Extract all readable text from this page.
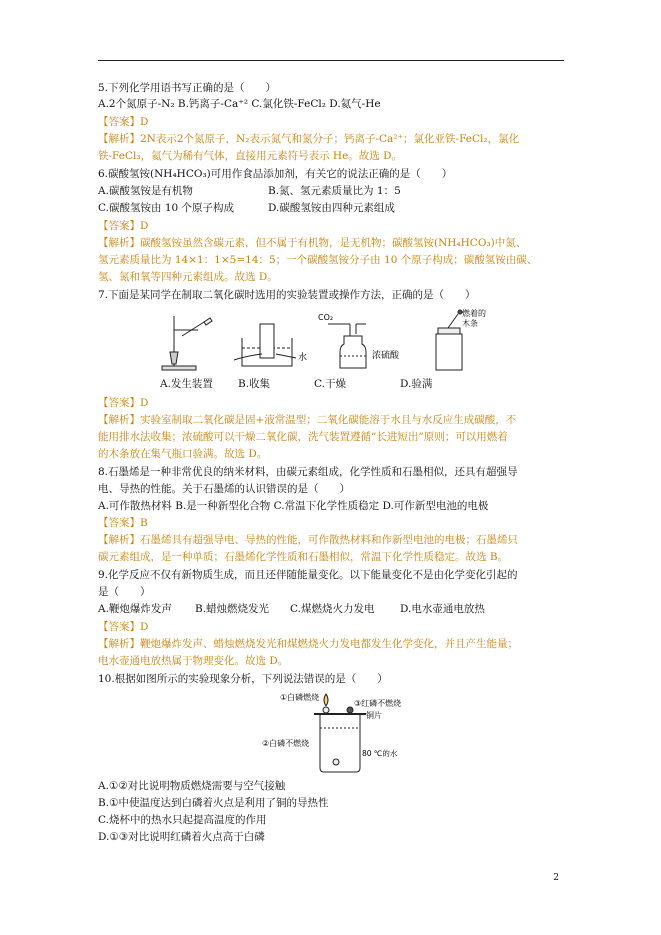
5.下列化学用语书写正确的是（　　）
A.2个氮原子-N₂ B.钙离子-Ca⁺² C.氯化铁-FeCl₂ D.氦气-He
【答案】D
【解析】2N表示2个氮原子，N₂表示氮气和氮分子；钙离子-Ca²⁺；氯化亚铁-FeCl₂，氯化
铁-FeCl₃，氦气为稀有气体，直接用元素符号表示 He。故选 D。
6.碳酸氢铵(NH₄HCO₃)可用作食品添加剂，有关它的说法正确的是（　　）
A.碳酸氢铵是有机物	B.氮、氢元素质量比为 1：5
C.碳酸氢铵由 10 个原子构成	D.碳酸氢铵由四种元素组成
【答案】D
【解析】碳酸氢铵虽然含碳元素，但不属于有机物，是无机物；碳酸氢铵(NH₄HCO₃)中氮、
氢元素质量比为 14×1：1×5=14：5；一个碳酸氢铵分子由 10 个原子构成；碳酸氢铵由碳、
氢、氮和氧等四种元素组成。故选 D。
7.下面是某同学在制取二氧化碳时选用的实验装置或操作方法，正确的是（　　）
水
CO₂
浓硫酸
燃着的
木条
A.发生装置 B.收集	C.干燥	D.验满
【答案】D
【解析】实验室制取二氧化碳是固+液常温型；二氧化碳能溶于水且与水反应生成碳酸，不
能用排水法收集；浓硫酸可以干燥二氧化碳，洗气装置遵循“长进短出”原则；可以用燃着
的木条放在集气瓶口验满。故选 D。
8.石墨烯是一种非常优良的纳米材料，由碳元素组成，化学性质和石墨相似，还具有超强导
电、导热的性能。关于石墨烯的认识错误的是（　　）
A.可作散热材料 B.是一种新型化合物 C.常温下化学性质稳定 D.可作新型电池的电极
【答案】B
【解析】石墨烯具有超强导电、导热的性能，可作散热材料和作新型电池的电极；石墨烯只
碳元素组成，是一种单质；石墨烯化学性质和石墨相似，常温下化学性质稳定。故选 B。
9.化学反应不仅有新物质生成，而且还伴随能量变化。以下能量变化不是由化学变化引起的
是（　　）
A.鞭炮爆炸发声 B.蜡烛燃烧发光 C.煤燃烧火力发电 D.电水壶通电放热
【答案】D
【解析】鞭炮爆炸发声、蜡烛燃烧发光和煤燃烧火力发电都发生化学变化，并且产生能量；
电水壶通电放热属于物理变化。故选 D。
10.根据如图所示的实验现象分析，下列说法错误的是（　　）
①白磷燃烧
③红磷不燃烧
铜片
②白磷不燃烧
80 ℃的水
A.①②对比说明物质燃烧需要与空气接触
B.①中使温度达到白磷着火点是利用了铜的导热性
C.烧杯中的热水只起提高温度的作用
D.①③对比说明红磷着火点高于白磷
2
